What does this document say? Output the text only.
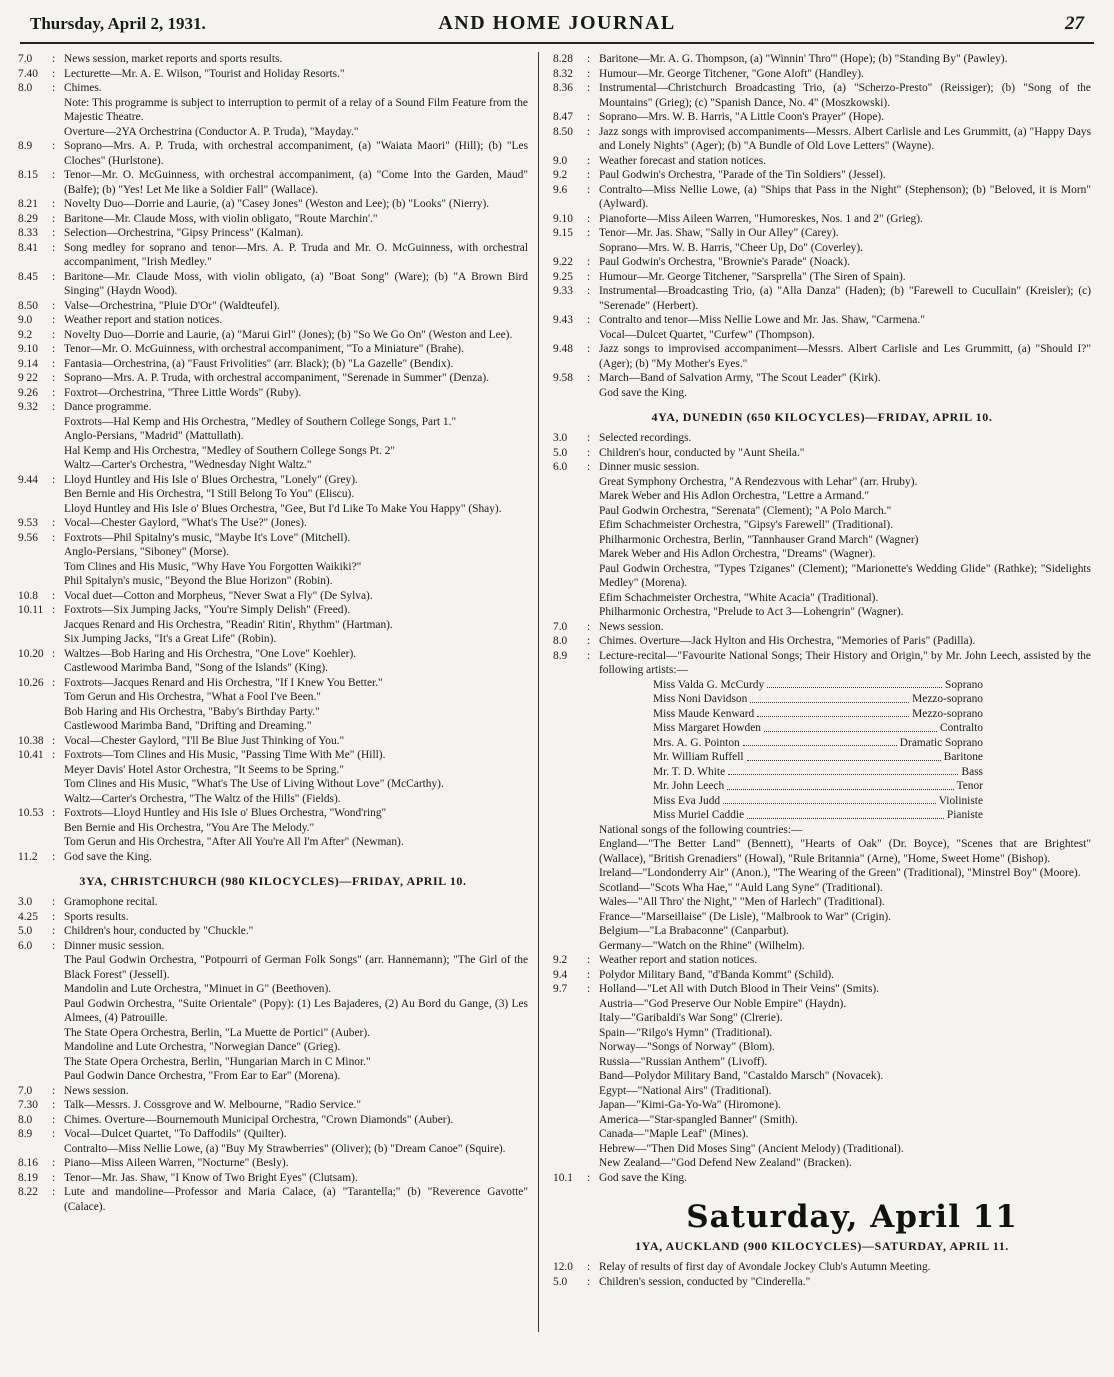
Thursday, April 2, 1931.	AND HOME JOURNAL	27
7.0	: News session, market reports and sports results.
7.40	: Lecturette—Mr. A. E. Wilson, "Tourist and Holiday Resorts."
8.0	: Chimes.
Note: This programme is subject to interruption to permit of a relay of a Sound Film Feature from the Majestic Theatre.
Overture—2YA Orchestrina (Conductor A. P. Truda), "Mayday."
8.9	: Soprano—Mrs. A. P. Truda, with orchestral accompaniment, (a) "Waiata Maori" (Hill); (b) "Les Cloches" (Hurlstone).
8.15	: Tenor—Mr. O. McGuinness, with orchestral accompaniment, (a) "Come Into the Garden, Maud" (Balfe); (b) "Yes! Let Me like a Soldier Fall" (Wallace).
8.21	: Novelty Duo—Dorrie and Laurie, (a) "Casey Jones" (Weston and Lee); (b) "Looks" (Nierry).
8.29	: Baritone—Mr. Claude Moss, with violin obligato, "Route Marchin'."
8.33	: Selection—Orchestrina, "Gipsy Princess" (Kalman).
8.41	: Song medley for soprano and tenor—Mrs. A. P. Truda and Mr. O. McGuinness, with orchestral accompaniment, "Irish Medley."
8.45	: Baritone—Mr. Claude Moss, with violin obligato, (a) "Boat Song" (Ware); (b) "A Brown Bird Singing" (Haydn Wood).
8.50	: Valse—Orchestrina, "Pluie D'Or" (Waldteufel).
9.0	: Weather report and station notices.
9.2	: Novelty Duo—Dorrie and Laurie, (a) "Marui Girl" (Jones); (b) "So We Go On" (Weston and Lee).
9.10	: Tenor—Mr. O. McGuinness, with orchestral accompaniment, "To a Miniature" (Brahe).
9.14	: Fantasia—Orchestrina, (a) "Faust Frivolities" (arr. Black); (b) "La Gazelle" (Bendix).
9 22	: Soprano—Mrs. A. P. Truda, with orchestral accompaniment, "Serenade in Summer" (Denza).
9.26	: Foxtrot—Orchestrina, "Three Little Words" (Ruby).
9.32	: Dance programme.
Foxtrots—Hal Kemp and His Orchestra, "Medley of Southern College Songs, Part 1."
Anglo-Persians, "Madrid" (Mattullath).
Hal Kemp and His Orchestra, "Medley of Southern College Songs Pt. 2"
Waltz—Carter's Orchestra, "Wednesday Night Waltz."
9.44	: Lloyd Huntley and His Isle o' Blues Orchestra, "Lonely" (Grey).
Ben Bernie and His Orchestra, "I Still Belong To You" (Eliscu).
Lloyd Huntley and His Isle o' Blues Orchestra, "Gee, But I'd Like To Make You Happy" (Shay).
9.53	: Vocal—Chester Gaylord, "What's The Use?" (Jones).
9.56	: Foxtrots—Phil Spitalny's music, "Maybe It's Love" (Mitchell).
Anglo-Persians, "Siboney" (Morse).
Tom Clines and His Music, "Why Have You Forgotten Waikiki?"
Phil Spitalyn's music, "Beyond the Blue Horizon" (Robin).
10.8	: Vocal duet—Cotton and Morpheus, "Never Swat a Fly" (De Sylva).
10.11 : Foxtrots—Six Jumping Jacks, "You're Simply Delish" (Freed).
Jacques Renard and His Orchestra, "Readin' Ritin', Rhythm" (Hartman).
Six Jumping Jacks, "It's a Great Life" (Robin).
10.20 : Waltzes—Bob Haring and His Orchestra, "One Love" Koehler).
Castlewood Marimba Band, "Song of the Islands" (King).
10.26 : Foxtrots—Jacques Renard and His Orchestra, "If I Knew You Better."
Tom Gerun and His Orchestra, "What a Fool I've Been."
Bob Haring and His Orchestra, "Baby's Birthday Party."
Castlewood Marimba Band, "Drifting and Dreaming."
10.38 : Vocal—Chester Gaylord, "I'll Be Blue Just Thinking of You."
10.41 : Foxtrots—Tom Clines and His Music, "Passing Time With Me" (Hill).
Meyer Davis' Hotel Astor Orchestra, "It Seems to be Spring."
Tom Clines and His Music, "What's The Use of Living Without Love" (McCarthy).
Waltz—Carter's Orchestra, "The Waltz of the Hills" (Fields).
10.53 : Foxtrots—Lloyd Huntley and His Isle o' Blues Orchestra, "Wond'ring"
Ben Bernie and His Orchestra, "You Are The Melody."
Tom Gerun and His Orchestra, "After All You're All I'm After" (Newman).
11.2	: God save the King.
3YA, CHRISTCHURCH (980 KILOCYCLES)—FRIDAY, APRIL 10.
3.0	: Gramophone recital.
4.25	: Sports results.
5.0	: Children's hour, conducted by "Chuckle."
6.0	: Dinner music session.
The Paul Godwin Orchestra, "Potpourri of German Folk Songs" (arr. Hannemann); "The Girl of the Black Forest" (Jessell).
Mandolin and Lute Orchestra, "Minuet in G" (Beethoven).
Paul Godwin Orchestra, "Suite Orientale" (Popy): (1) Les Bajaderes, (2) Au Bord du Gange, (3) Les Almees, (4) Patrouille.
The State Opera Orchestra, Berlin, "La Muette de Portici" (Auber).
Mandoline and Lute Orchestra, "Norwegian Dance" (Grieg).
The State Opera Orchestra, Berlin, "Hungarian March in C Minor."
Paul Godwin Dance Orchestra, "From Ear to Ear" (Morena).
7.0	: News session.
7.30	: Talk—Messrs. J. Cossgrove and W. Melbourne, "Radio Service."
8.0	: Chimes. Overture—Bournemouth Municipal Orchestra, "Crown Diamonds" (Auber).
8.9	: Vocal—Dulcet Quartet, "To Daffodils" (Quilter).
Contralto—Miss Nellie Lowe, (a) "Buy My Strawberries" (Oliver); (b) "Dream Canoe" (Squire).
8.16	: Piano—Miss Aileen Warren, "Nocturne" (Besly).
8.19	: Tenor—Mr. Jas. Shaw, "I Know of Two Bright Eyes" (Clutsam).
8.22	: Lute and mandoline—Professor and Maria Calace, (a) "Tarantella;" (b) "Reverence Gavotte" (Calace).
8.28	: Baritone—Mr. A. G. Thompson, (a) "Winnin' Thro'" (Hope); (b) "Standing By" (Pawley).
8.32	: Humour—Mr. George Titchener, "Gone Aloft" (Handley).
8.36	: Instrumental—Christchurch Broadcasting Trio, (a) "Scherzo-Presto" (Reissiger); (b) "Song of the Mountains" (Grieg); (c) "Spanish Dance, No. 4" (Moszkowski).
8.47	: Soprano—Mrs. W. B. Harris, "A Little Coon's Prayer" (Hope).
8.50	: Jazz songs with improvised accompaniments—Messrs. Albert Carlisle and Les Grummitt, (a) "Happy Days and Lonely Nights" (Ager); (b) "A Bundle of Old Love Letters" (Wayne).
9.0	: Weather forecast and station notices.
9.2	: Paul Godwin's Orchestra, "Parade of the Tin Soldiers" (Jessel).
9.6	: Contralto—Miss Nellie Lowe, (a) "Ships that Pass in the Night" (Stephenson); (b) "Beloved, it is Morn" (Aylward).
9.10	: Pianoforte—Miss Aileen Warren, "Humoreskes, Nos. 1 and 2" (Grieg).
9.15	: Tenor—Mr. Jas. Shaw, "Sally in Our Alley" (Carey).
Soprano—Mrs. W. B. Harris, "Cheer Up, Do" (Coverley).
9.22	: Paul Godwin's Orchestra, "Brownie's Parade" (Noack).
9.25	: Humour—Mr. George Titchener, "Sarsprella" (The Siren of Spain).
9.33	: Instrumental—Broadcasting Trio, (a) "Alla Danza" (Haden); (b) "Farewell to Cucullain" (Kreisler); (c) "Serenade" (Herbert).
9.43	: Contralto and tenor—Miss Nellie Lowe and Mr. Jas. Shaw, "Carmena."
Vocal—Dulcet Quartet, "Curfew" (Thompson).
9.48	: Jazz songs to improvised accompaniment—Messrs. Albert Carlisle and Les Grummitt, (a) "Should I?" (Ager); (b) "My Mother's Eyes."
9.58	: March—Band of Salvation Army, "The Scout Leader" (Kirk).
God save the King.
4YA, DUNEDIN (650 KILOCYCLES)—FRIDAY, APRIL 10.
3.0	: Selected recordings.
5.0	: Children's hour, conducted by "Aunt Sheila."
6.0	: Dinner music session.
Great Symphony Orchestra, "A Rendezvous with Lehar" (arr. Hruby).
Marek Weber and His Adlon Orchestra, "Lettre a Armand."
Paul Godwin Orchestra, "Serenata" (Clement); "A Polo March."
Efim Schachmeister Orchestra, "Gipsy's Farewell" (Traditional).
Philharmonic Orchestra, Berlin, "Tannhauser Grand March" (Wagner)
Marek Weber and His Adlon Orchestra, "Dreams" (Wagner).
Paul Godwin Orchestra, "Types Tziganes" (Clement); "Marionette's Wedding Glide" (Rathke); "Sidelights Medley" (Morena).
Efim Schachmeister Orchestra, "White Acacia" (Traditional).
Philharmonic Orchestra, "Prelude to Act 3—Lohengrin" (Wagner).
7.0	: News session.
8.0	: Chimes. Overture—Jack Hylton and His Orchestra, "Memories of Paris" (Padilla).
8.9	: Lecture-recital—"Favourite National Songs; Their History and Origin," by Mr. John Leech, assisted by the following artists:—
Miss Valda G. McCurdy	Soprano
Miss Noni Davidson	Mezzo-soprano
Miss Maude Kenward	Mezzo-soprano
Miss Margaret Howden	Contralto
Mrs. A. G. Pointon	Dramatic Soprano
Mr. William Ruffell	Baritone
Mr. T. D. White	Bass
Mr. John Leech	Tenor
Miss Eva Judd	Violiniste
Miss Muriel Caddie	Pianiste
National songs of the following countries:—
England—"The Better Land" (Bennett), "Hearts of Oak" (Dr. Boyce), "Scenes that are Brightest" (Wallace), "British Grenadiers" (Howal), "Rule Britannia" (Arne), "Home, Sweet Home" (Bishop).
Ireland—"Londonderry Air" (Anon.), "The Wearing of the Green" (Traditional), "Minstrel Boy" (Moore).
Scotland—"Scots Wha Hae," "Auld Lang Syne" (Traditional).
Wales—"All Thro' the Night," "Men of Harlech" (Traditional).
France—"Marseillaise" (De Lisle), "Malbrook to War" (Crigin).
Belgium—"La Brabaconne" (Canparbut).
Germany—"Watch on the Rhine" (Wilhelm).
9.2	: Weather report and station notices.
9.4	: Polydor Military Band, "d'Banda Kommt" (Schild).
9.7	: Holland—"Let All with Dutch Blood in Their Veins" (Smits).
Austria—"God Preserve Our Noble Empire" (Haydn).
Italy—"Garibaldi's War Song" (Clrerie).
Spain—"Rilgo's Hymn" (Traditional).
Norway—"Songs of Norway" (Blom).
Russia—"Russian Anthem" (Livoff).
Band—Polydor Military Band, "Castaldo Marsch" (Novacek).
Egypt—"National Airs" (Traditional).
Japan—"Kimi-Ga-Yo-Wa" (Hiromone).
America—"Star-spangled Banner" (Smith).
Canada—"Maple Leaf" (Mines).
Hebrew—"Then Did Moses Sing" (Ancient Melody) (Traditional).
New Zealand—"God Defend New Zealand" (Bracken).
10.1	: God save the King.
Saturday, April 11
1YA, AUCKLAND (900 KILOCYCLES)—SATURDAY, APRIL 11.
12.0	: Relay of results of first day of Avondale Jockey Club's Autumn Meeting.
5.0	: Children's session, conducted by "Cinderella."
